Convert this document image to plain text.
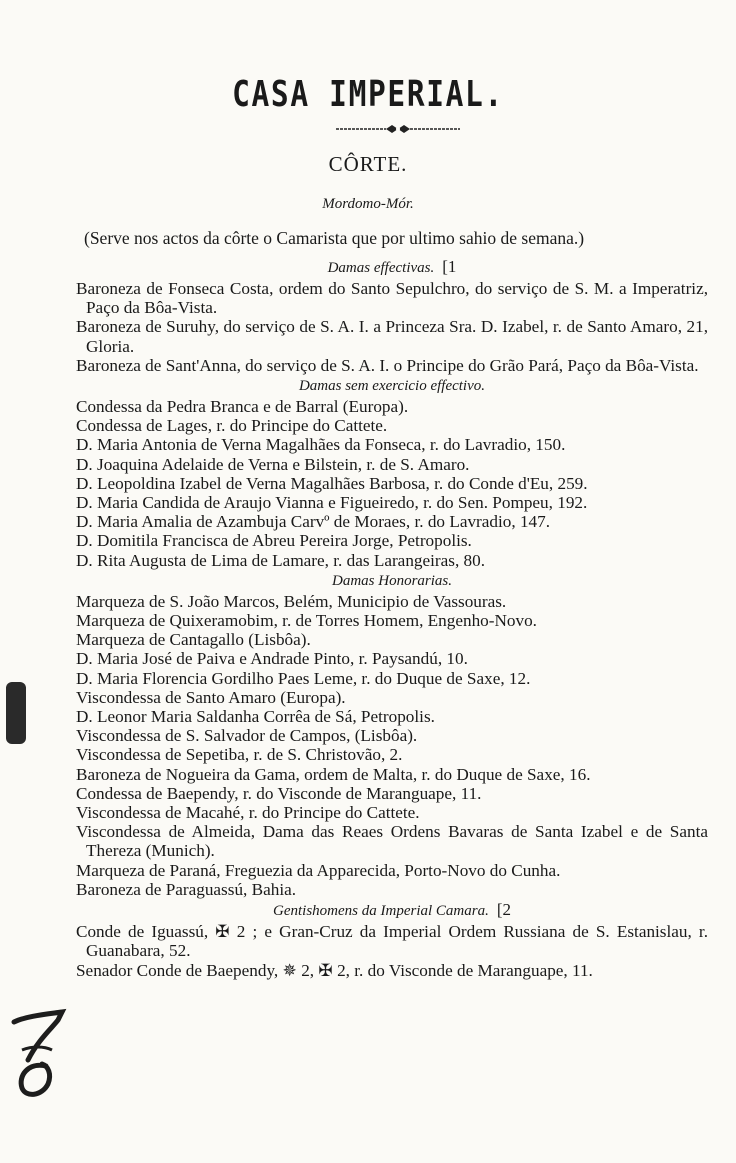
CASA IMPERIAL.
CÔRTE.
Mordomo-Mór.
(Serve nos actos da côrte o Camarista que por ultimo sahio de semana.)

Damas effectivas. [1

Baroneza de Fonseca Costa, ordem do Santo Sepulchro, do serviço de S. M. a Imperatriz, Paço da Bôa-Vista.

Baroneza de Suruhy, do serviço de S. A. I. a Princeza Sra. D. Izabel, r. de Santo Amaro, 21, Gloria.

Baroneza de Sant'Anna, do serviço de S. A. I. o Principe do Grão Pará, Paço da Bôa-Vista.

Damas sem exercicio effectivo.

Condessa da Pedra Branca e de Barral (Europa).

Condessa de Lages, r. do Principe do Cattete.

D. Maria Antonia de Verna Magalhães da Fonseca, r. do Lavradio, 150.

D. Joaquina Adelaide de Verna e Bilstein, r. de S. Amaro.

D. Leopoldina Izabel de Verna Magalhães Barbosa, r. do Conde d'Eu, 259.

D. Maria Candida de Araujo Vianna e Figueiredo, r. do Sen. Pompeu, 192.

D. Maria Amalia de Azambuja Carvº de Moraes, r. do Lavradio, 147.

D. Domitila Francisca de Abreu Pereira Jorge, Petropolis.

D. Rita Augusta de Lima de Lamare, r. das Larangeiras, 80.

Damas Honorarias.

Marqueza de S. João Marcos, Belém, Municipio de Vassouras.

Marqueza de Quixeramobim, r. de Torres Homem, Engenho-Novo.

Marqueza de Cantagallo (Lisbôa).

D. Maria José de Paiva e Andrade Pinto, r. Paysandú, 10.

D. Maria Florencia Gordilho Paes Leme, r. do Duque de Saxe, 12.

Viscondessa de Santo Amaro (Europa).

D. Leonor Maria Saldanha Corrêa de Sá, Petropolis.

Viscondessa de S. Salvador de Campos, (Lisbôa).

Viscondessa de Sepetiba, r. de S. Christovão, 2.

Baroneza de Nogueira da Gama, ordem de Malta, r. do Duque de Saxe, 16.

Condessa de Baependy, r. do Visconde de Maranguape, 11.

Viscondessa de Macahé, r. do Principe do Cattete.

Viscondessa de Almeida, Dama das Reaes Ordens Bavaras de Santa Izabel e de Santa Thereza (Munich).

Marqueza de Paraná, Freguezia da Apparecida, Porto-Novo do Cunha.

Baroneza de Paraguassú, Bahia.

Gentishomens da Imperial Camara. [2

Conde de Iguassú, ✠ 2 ; e Gran-Cruz da Imperial Ordem Russiana de S. Estanislau, r. Guanabara, 52.

Senador Conde de Baependy, ✵ 2, ✠ 2, r. do Visconde de Maranguape, 11.
